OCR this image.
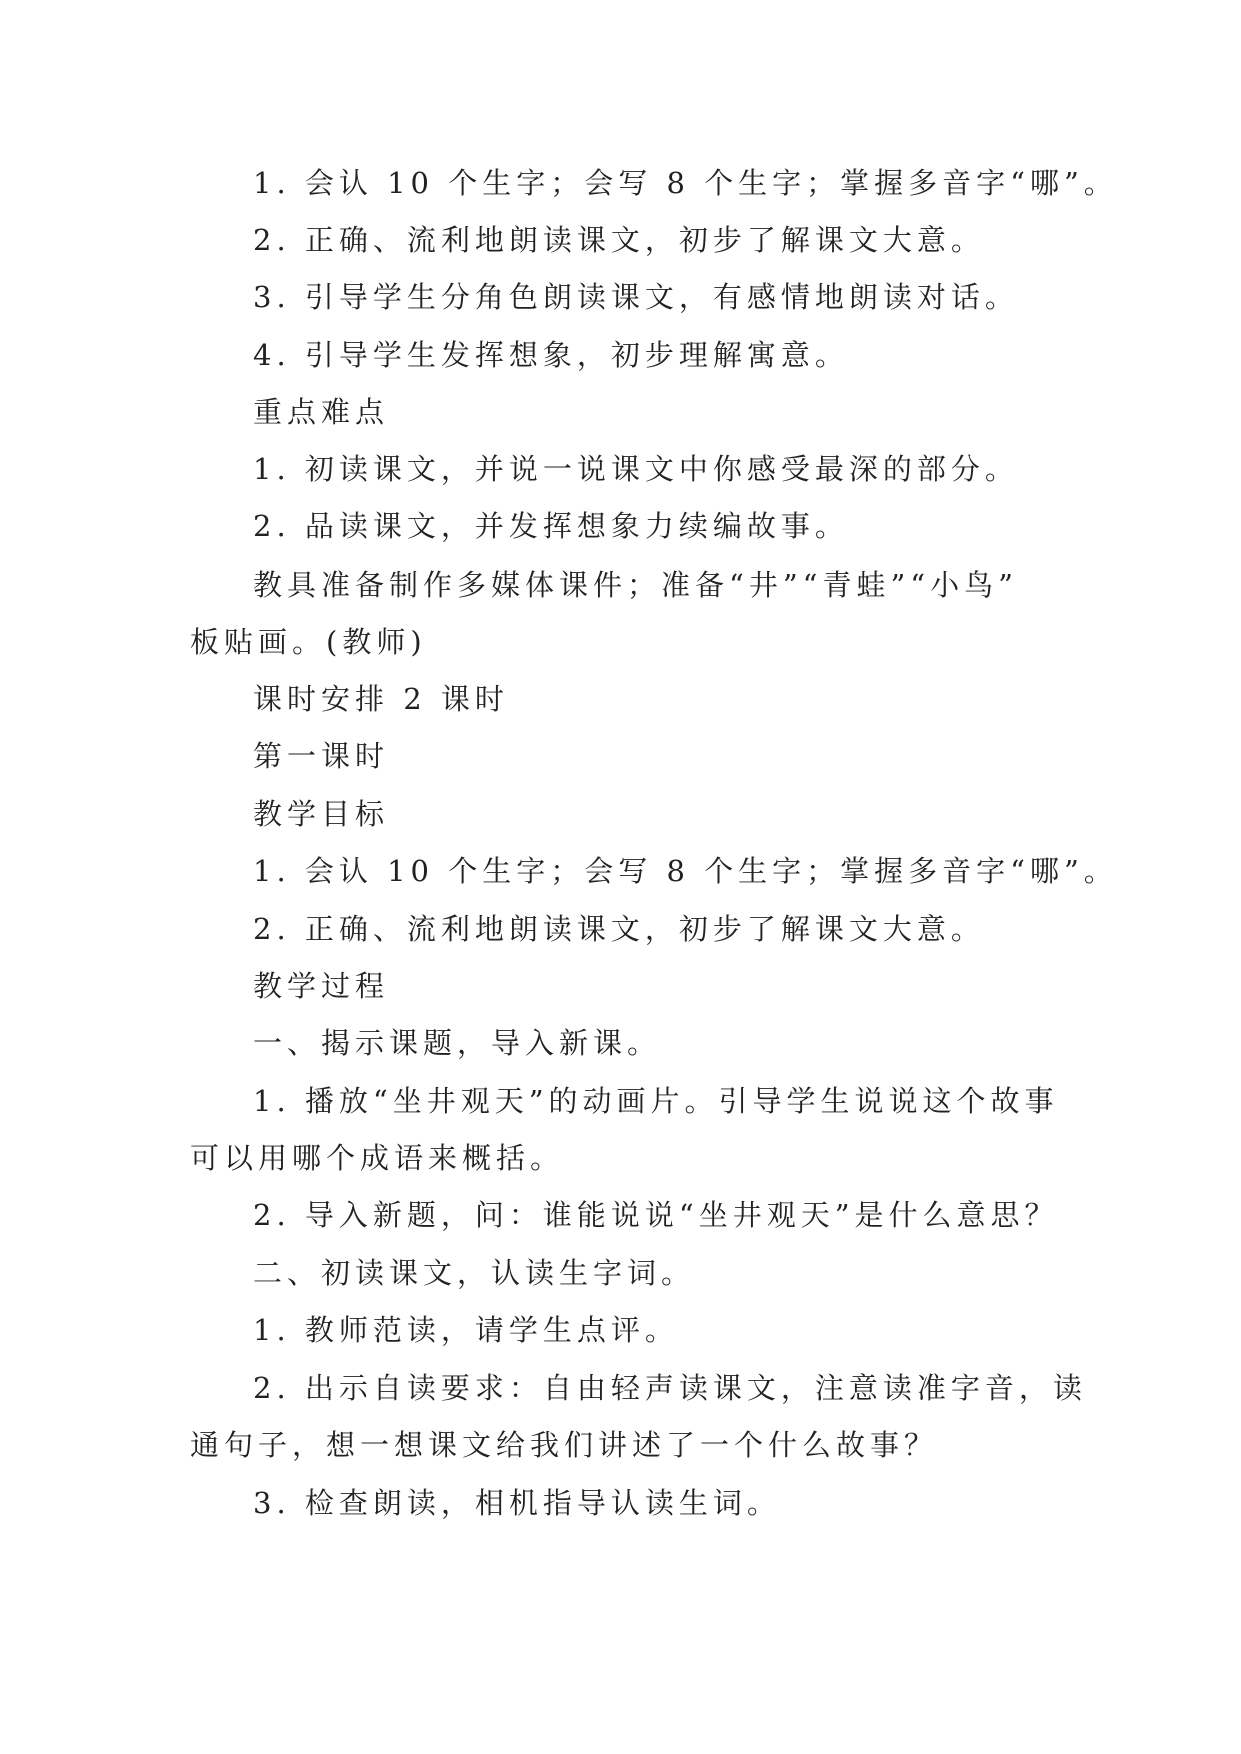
1. 会认 10 个生字；会写 8 个生字；掌握多音字“哪”。
2. 正确、流利地朗读课文，初步了解课文大意。
3. 引导学生分角色朗读课文，有感情地朗读对话。
4. 引导学生发挥想象，初步理解寓意。
重点难点
1. 初读课文，并说一说课文中你感受最深的部分。
2. 品读课文，并发挥想象力续编故事。
教具准备制作多媒体课件；准备“井”“青蛙”“小鸟”
板贴画。(教师)
课时安排 2 课时
第一课时
教学目标
1. 会认 10 个生字；会写 8 个生字；掌握多音字“哪”。
2. 正确、流利地朗读课文，初步了解课文大意。
教学过程
一、揭示课题，导入新课。
1. 播放“坐井观天”的动画片。引导学生说说这个故事
可以用哪个成语来概括。
2. 导入新题，问：谁能说说“坐井观天”是什么意思？
二、初读课文，认读生字词。
1. 教师范读，请学生点评。
2. 出示自读要求：自由轻声读课文，注意读准字音，读
通句子，想一想课文给我们讲述了一个什么故事？
3. 检查朗读，相机指导认读生词。
